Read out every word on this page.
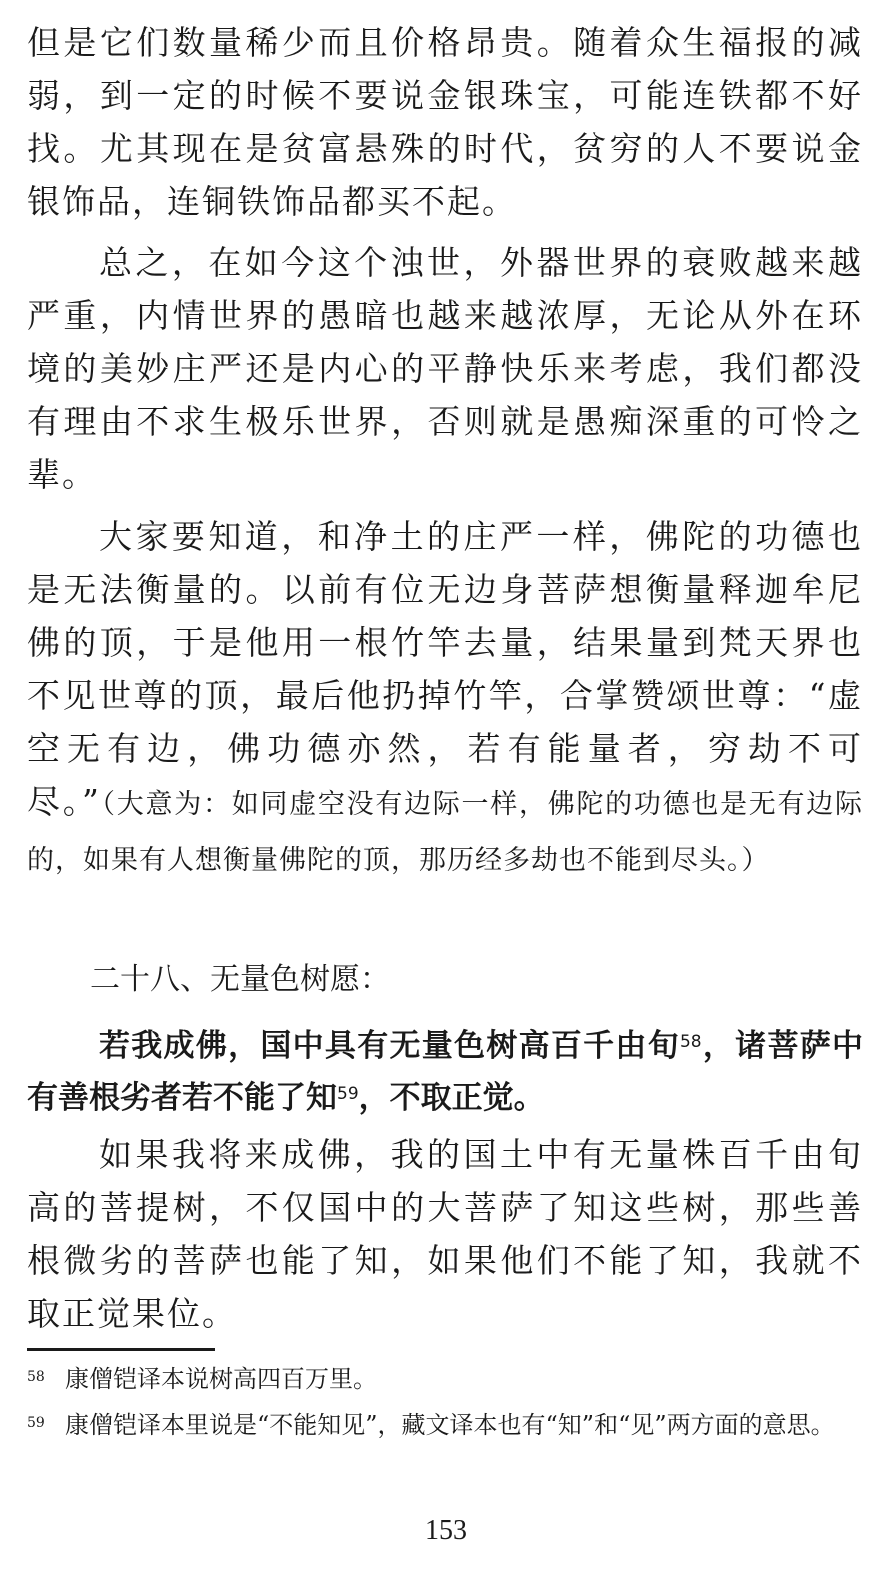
但是它们数量稀少而且价格昂贵。随着众生福报的减弱，到一定的时候不要说金银珠宝，可能连铁都不好找。尤其现在是贫富悬殊的时代，贫穷的人不要说金银饰品，连铜铁饰品都买不起。

总之，在如今这个浊世，外器世界的衰败越来越严重，内情世界的愚暗也越来越浓厚，无论从外在环境的美妙庄严还是内心的平静快乐来考虑，我们都没有理由不求生极乐世界，否则就是愚痴深重的可怜之辈。

大家要知道，和净土的庄严一样，佛陀的功德也是无法衡量的。以前有位无边身菩萨想衡量释迦牟尼佛的顶，于是他用一根竹竿去量，结果量到梵天界也不见世尊的顶，最后他扔掉竹竿，合掌赞颂世尊：“虚空无有边，佛功德亦然，若有能量者，穷劫不可尽。”（大意为：如同虚空没有边际一样，佛陀的功德也是无有边际的，如果有人想衡量佛陀的顶，那历经多劫也不能到尽头。）

二十八、无量色树愿：

若我成佛，国中具有无量色树高百千由旬$^{58}$，诸菩萨中有善根劣者若不能了知$^{59}$，不取正觉。

如果我将来成佛，我的国土中有无量株百千由旬高的菩提树，不仅国中的大菩萨了知这些树，那些善根微劣的菩萨也能了知，如果他们不能了知，我就不取正觉果位。

58 康僧铠译本说树高四百万里。

59 康僧铠译本里说是“不能知见”，藏文译本也有“知”和“见”两方面的意思。

153
